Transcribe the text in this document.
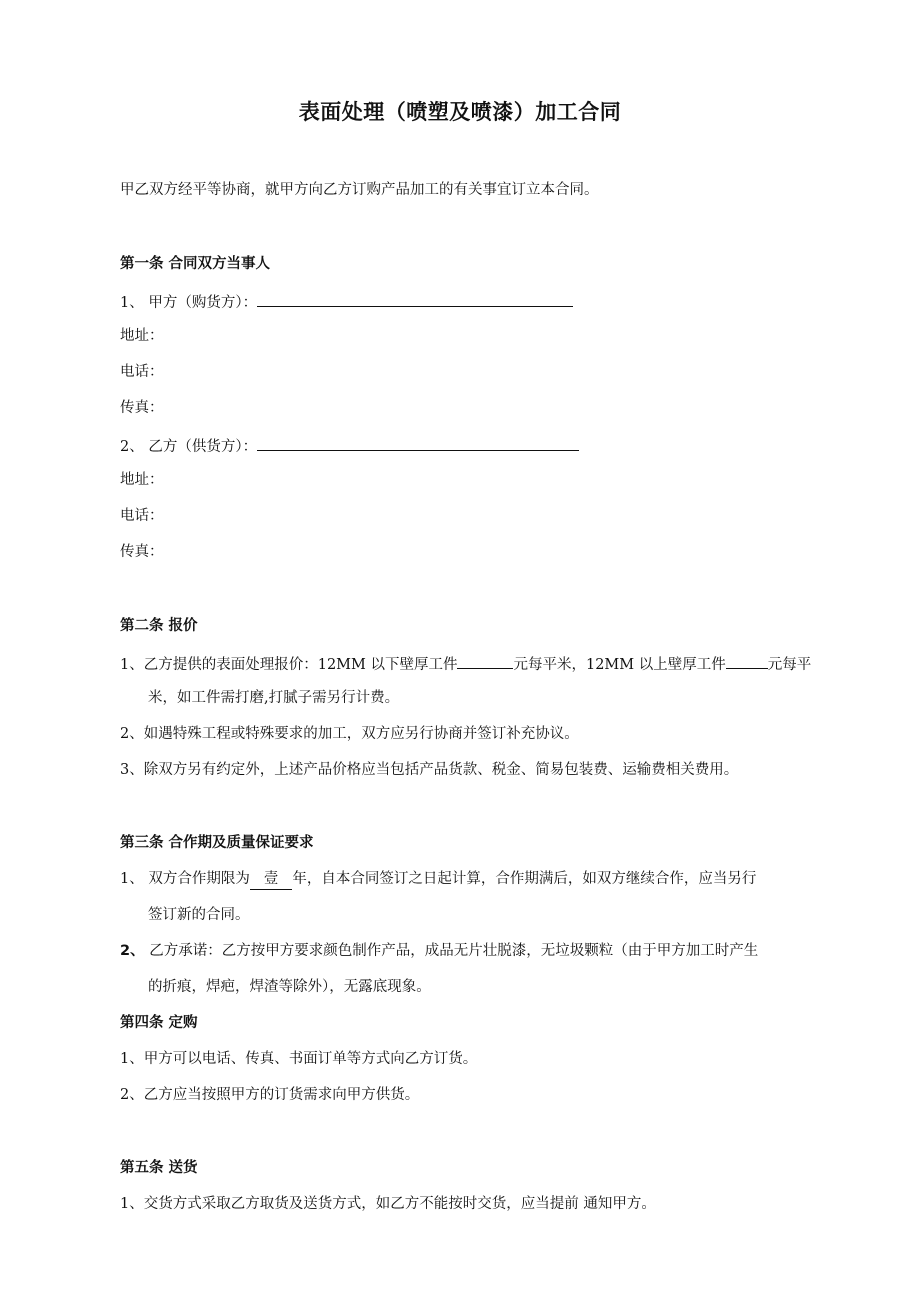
表面处理（喷塑及喷漆）加工合同
甲乙双方经平等协商，就甲方向乙方订购产品加工的有关事宜订立本合同。
第一条 合同双方当事人
1、 甲方（购货方）：
地址：
电话：
传真：
2、 乙方（供货方）：
地址：
电话：
传真：
第二条 报价
1、乙方提供的表面处理报价：12MM 以下壁厚工件	元每平米，12MM 以上壁厚工件	元每平
米，如工件需打磨,打腻子需另行计费。
2、如遇特殊工程或特殊要求的加工，双方应另行协商并签订补充协议。
3、除双方另有约定外，上述产品价格应当包括产品货款、税金、简易包装费、运输费相关费用。
第三条 合作期及质量保证要求
1、 双方合作期限为 壹 年，自本合同签订之日起计算，合作期满后，如双方继续合作，应当另行
签订新的合同。
2、 乙方承诺：乙方按甲方要求颜色制作产品，成品无片壮脱漆，无垃圾颗粒（由于甲方加工时产生
的折痕，焊疤，焊渣等除外），无露底现象。
第四条 定购
1、甲方可以电话、传真、书面订单等方式向乙方订货。
2、乙方应当按照甲方的订货需求向甲方供货。
第五条 送货
1、交货方式采取乙方取货及送货方式，如乙方不能按时交货，应当提前 通知甲方。
